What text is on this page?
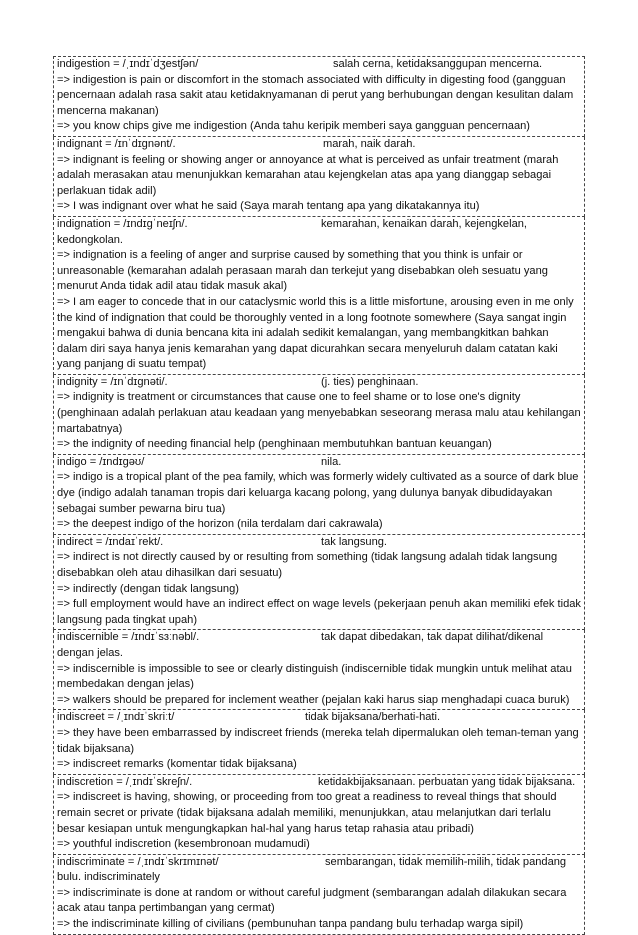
indigestion = /ˌɪndɪˈdʒestʃən/	salah cerna, ketidaksanggupan mencerna.
=> indigestion is pain or discomfort in the stomach associated with difficulty in digesting food (gangguan pencernaan adalah rasa sakit atau ketidaknyamanan di perut yang berhubungan dengan kesulitan dalam mencerna makanan)
=> you know chips give me indigestion (Anda tahu keripik memberi saya gangguan pencernaan)
indignant = /ɪnˈdɪɡnənt/.	marah, naik darah.
=> indignant is feeling or showing anger or annoyance at what is perceived as unfair treatment (marah adalah merasakan atau menunjukkan kemarahan atau kejengkelan atas apa yang dianggap sebagai perlakuan tidak adil)
=> I was indignant over what he said (Saya marah tentang apa yang dikatakannya itu)
indignation = /ɪndɪɡˈneɪʃn/.	kemarahan, kenaikan darah, kejengkelan, kedongkolan.
=> indignation is a feeling of anger and surprise caused by something that you think is unfair or unreasonable (kemarahan adalah perasaan marah dan terkejut yang disebabkan oleh sesuatu yang menurut Anda tidak adil atau tidak masuk akal)
=> I am eager to concede that in our cataclysmic world this is a little misfortune, arousing even in me only the kind of indignation that could be thoroughly vented in a long footnote somewhere (Saya sangat ingin mengakui bahwa di dunia bencana kita ini adalah sedikit kemalangan, yang membangkitkan bahkan dalam diri saya hanya jenis kemarahan yang dapat dicurahkan secara menyeluruh dalam catatan kaki yang panjang di suatu tempat)
indignity = /ɪnˈdɪɡnəti/.	(j. ties) penghinaan.
=> indignity is treatment or circumstances that cause one to feel shame or to lose one's dignity (penghinaan adalah perlakuan atau keadaan yang menyebabkan seseorang merasa malu atau kehilangan martabatnya)
=> the indignity of needing financial help (penghinaan membutuhkan bantuan keuangan)
indigo = /ɪndɪɡəʊ/	nila.
=> indigo is a tropical plant of the pea family, which was formerly widely cultivated as a source of dark blue dye (indigo adalah tanaman tropis dari keluarga kacang polong, yang dulunya banyak dibudidayakan sebagai sumber pewarna biru tua)
=> the deepest indigo of the horizon (nila terdalam dari cakrawala)
indirect = /ɪndaɪˈrekt/.	tak langsung.
=> indirect is not directly caused by or resulting from something (tidak langsung adalah tidak langsung disebabkan oleh atau dihasilkan dari sesuatu)
=> indirectly (dengan tidak langsung)
=> full employment would have an indirect effect on wage levels (pekerjaan penuh akan memiliki efek tidak langsung pada tingkat upah)
indiscernible = /ɪndɪˈsɜːnəbl/.	tak dapat dibedakan, tak dapat dilihat/dikenal dengan jelas.
=> indiscernible is impossible to see or clearly distinguish (indiscernible tidak mungkin untuk melihat atau membedakan dengan jelas)
=> walkers should be prepared for inclement weather (pejalan kaki harus siap menghadapi cuaca buruk)
indiscreet = /ˌɪndɪˈskriːt/	tidak bijaksana/berhati-hati.
=> they have been embarrassed by indiscreet friends (mereka telah dipermalukan oleh teman-teman yang tidak bijaksana)
=> indiscreet remarks (komentar tidak bijaksana)
indiscretion = /ˌɪndɪˈskreʃn/.	ketidakbijaksanaan. perbuatan yang tidak bijaksana.
=> indiscreet is having, showing, or proceeding from too great a readiness to reveal things that should remain secret or private (tidak bijaksana adalah memiliki, menunjukkan, atau melanjutkan dari terlalu besar kesiapan untuk mengungkapkan hal-hal yang harus tetap rahasia atau pribadi)
=> youthful indiscretion (kesembronoan mudamudi)
indiscriminate = /ˌɪndɪˈskrɪmɪnət/	sembarangan, tidak memilih-milih, tidak pandang bulu. indiscriminately
=> indiscriminate is done at random or without careful judgment (sembarangan adalah dilakukan secara acak atau tanpa pertimbangan yang cermat)
=> the indiscriminate killing of civilians (pembunuhan tanpa pandang bulu terhadap warga sipil)
